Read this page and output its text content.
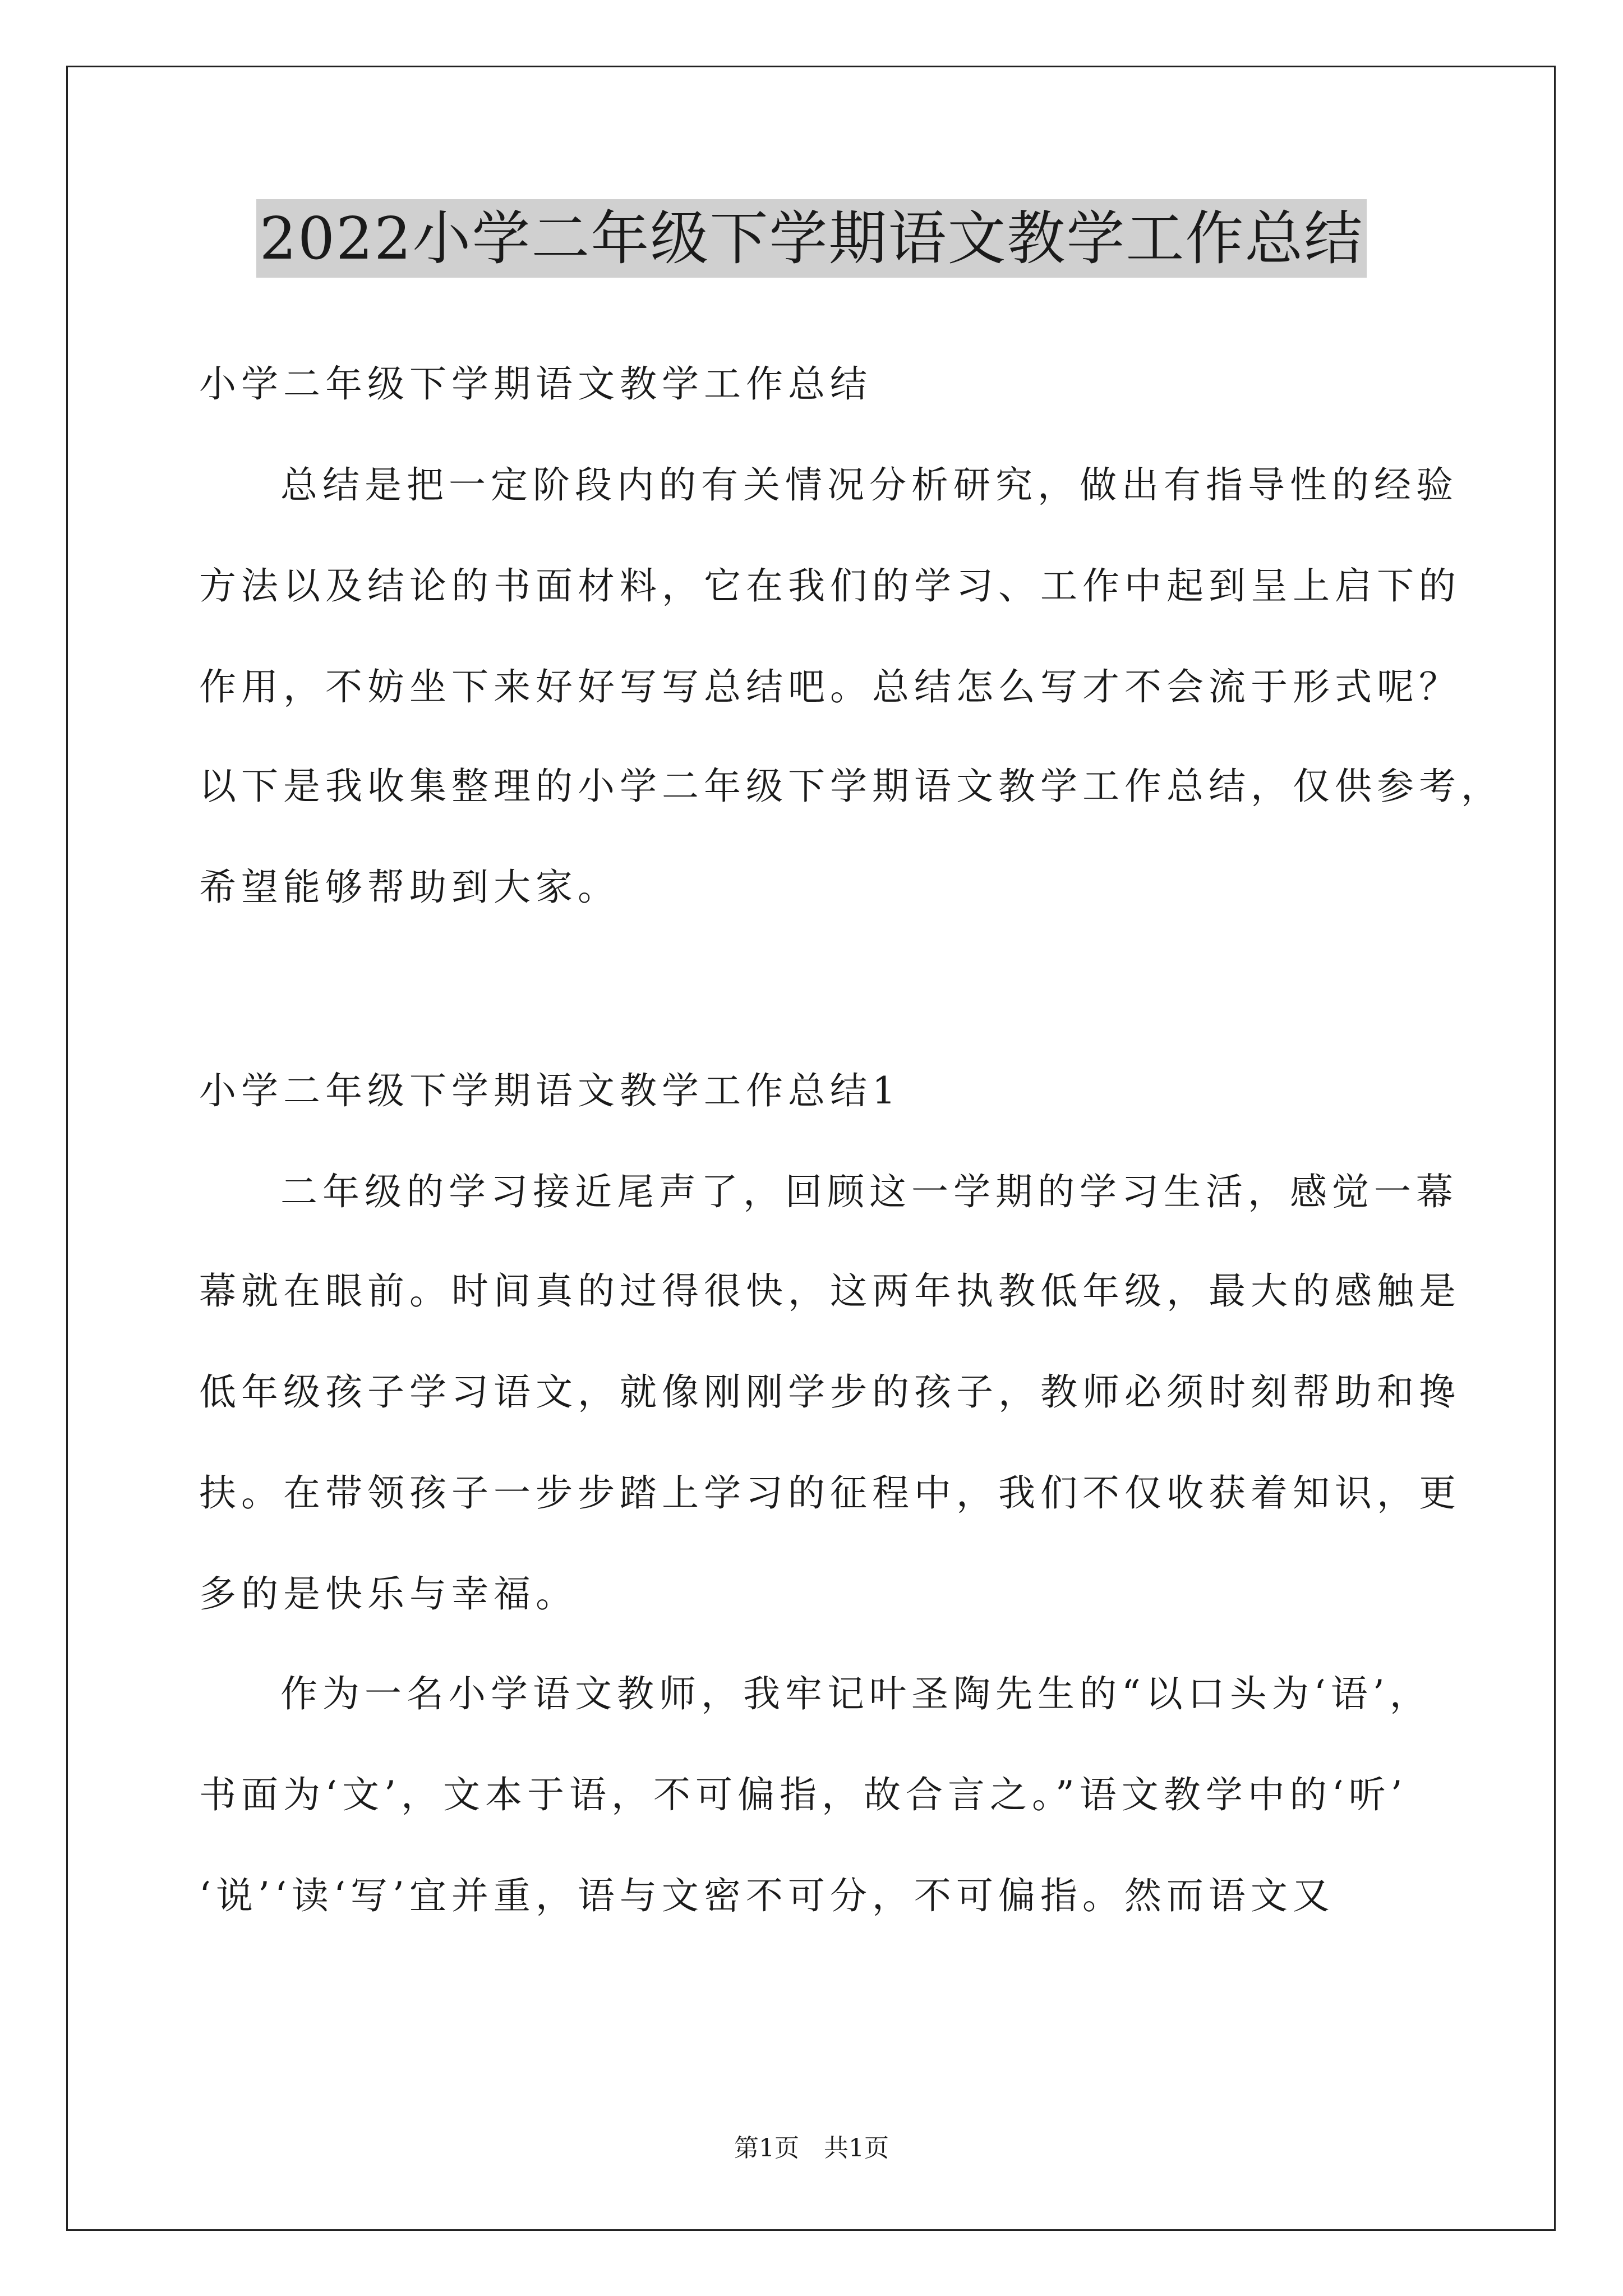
2022小学二年级下学期语文教学工作总结
小学二年级下学期语文教学工作总结
总结是把一定阶段内的有关情况分析研究，做出有指导性的经验
方法以及结论的书面材料，它在我们的学习、工作中起到呈上启下的
作用，不妨坐下来好好写写总结吧。总结怎么写才不会流于形式呢？
以下是我收集整理的小学二年级下学期语文教学工作总结，仅供参考，
希望能够帮助到大家。
小学二年级下学期语文教学工作总结1
二年级的学习接近尾声了，回顾这一学期的学习生活，感觉一幕
幕就在眼前。时间真的过得很快，这两年执教低年级，最大的感触是
低年级孩子学习语文，就像刚刚学步的孩子，教师必须时刻帮助和搀
扶。在带领孩子一步步踏上学习的征程中，我们不仅收获着知识，更
多的是快乐与幸福。
作为一名小学语文教师，我牢记叶圣陶先生的“以口头为‘语’，
书面为‘文’，文本于语，不可偏指，故合言之。”语文教学中的‘听’
‘说’‘读‘写’宜并重，语与文密不可分，不可偏指。然而语文又
第1页　共1页
